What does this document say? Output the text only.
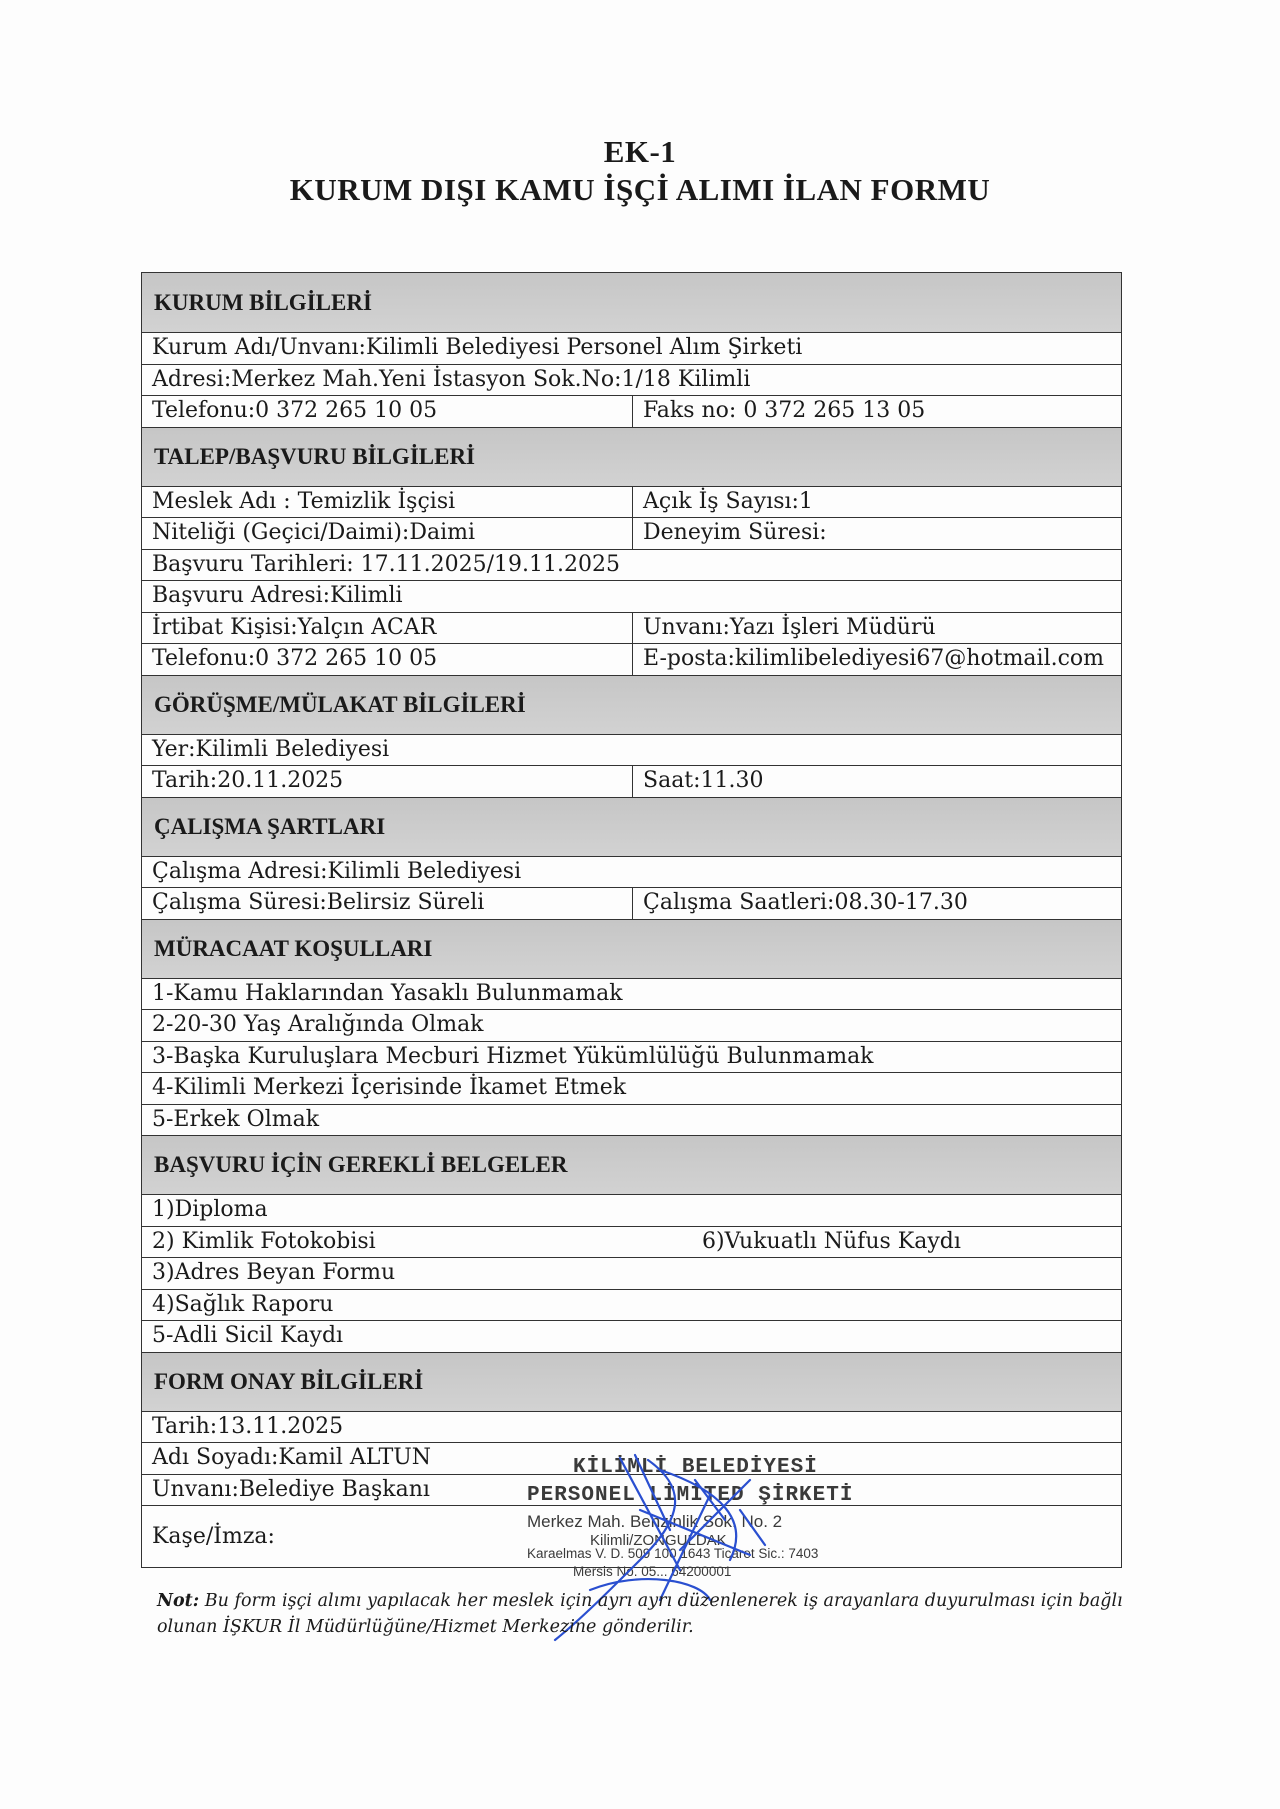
EK-1
KURUM DIŞI KAMU İŞÇİ ALIMI İLAN FORMU
KURUM BİLGİLERİ
Kurum Adı/Unvanı:Kilimli Belediyesi Personel Alım Şirketi
Adresi:Merkez Mah.Yeni İstasyon Sok.No:1/18 Kilimli
Telefonu:0 372 265 10 05	Faks no: 0 372 265 13 05
TALEP/BAŞVURU BİLGİLERİ
Meslek Adı : Temizlik İşçisi	Açık İş Sayısı:1
Niteliği (Geçici/Daimi):Daimi	Deneyim Süresi:
Başvuru Tarihleri: 17.11.2025/19.11.2025
Başvuru Adresi:Kilimli
İrtibat Kişisi:Yalçın ACAR	Unvanı:Yazı İşleri Müdürü
Telefonu:0 372 265 10 05	E-posta:kilimlibelediyesi67@hotmail.com
GÖRÜŞME/MÜLAKAT BİLGİLERİ
Yer:Kilimli Belediyesi
Tarih:20.11.2025	Saat:11.30
ÇALIŞMA ŞARTLARI
Çalışma Adresi:Kilimli Belediyesi
Çalışma Süresi:Belirsiz Süreli	Çalışma Saatleri:08.30-17.30
MÜRACAAT KOŞULLARI
1-Kamu Haklarından Yasaklı Bulunmamak
2-20-30 Yaş Aralığında Olmak
3-Başka Kuruluşlara Mecburi Hizmet Yükümlülüğü Bulunmamak
4-Kilimli Merkezi İçerisinde İkamet Etmek
5-Erkek Olmak
BAŞVURU İÇİN GEREKLİ BELGELER
1)Diploma
2) Kimlik Fotokobisi	6)Vukuatlı Nüfus Kaydı
3)Adres Beyan Formu
4)Sağlık Raporu
5-Adli Sicil Kaydı
FORM ONAY BİLGİLERİ
Tarih:13.11.2025
Adı Soyadı:Kamil ALTUN
Unvanı:Belediye Başkanı
Kaşe/İmza:
KİLİMLİ BELEDİYESİ
PERSONEL LİMİTED ŞİRKETİ
Merkez Mah. Benzinlik Sok. No. 2
Kilimli/ZONGULDAK
Karaelmas V. D. 509 100 1643 Ticaret Sic.: 7403
Mersis No. 05... 64200001
Not: Bu form işçi alımı yapılacak her meslek için ayrı ayrı düzenlenerek iş arayanlara duyurulması için bağlı olunan İŞKUR İl Müdürlüğüne/Hizmet Merkezine gönderilir.
